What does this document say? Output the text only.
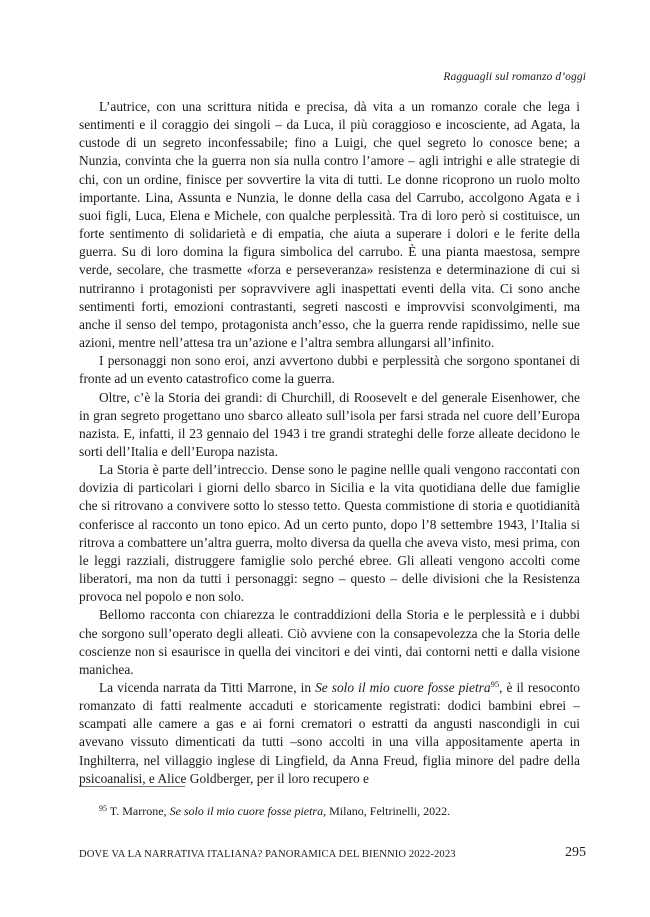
Ragguagli sul romanzo d’oggi

L’autrice, con una scrittura nitida e precisa, dà vita a un romanzo corale che lega i sentimenti e il coraggio dei singoli – da Luca, il più coraggioso e incosciente, ad Agata, la custode di un segreto inconfessabile; fino a Luigi, che quel segreto lo conosce bene; a Nunzia, convinta che la guerra non sia nulla contro l’amore – agli intrighi e alle strategie di chi, con un ordine, finisce per sovvertire la vita di tutti. Le donne ricoprono un ruolo molto importante. Lina, Assunta e Nunzia, le donne della casa del Carrubo, accolgono Agata e i suoi figli, Luca, Elena e Michele, con qualche perplessità. Tra di loro però si costituisce, un forte sentimento di solidarietà e di empatia, che aiuta a superare i dolori e le ferite della guerra. Su di loro domina la figura simbolica del carrubo. È una pianta maestosa, sempre verde, secolare, che trasmette «forza e perseveranza» resistenza e determinazione di cui si nutriranno i protagonisti per sopravvivere agli inaspettati eventi della vita. Ci sono anche sentimenti forti, emozioni contrastanti, segreti nascosti e improvvisi sconvolgimenti, ma anche il senso del tempo, protagonista anch’esso, che la guerra rende rapidissimo, nelle sue azioni, mentre nell’attesa tra un’azione e l’altra sembra allungarsi all’infinito.

I personaggi non sono eroi, anzi avvertono dubbi e perplessità che sorgono spontanei di fronte ad un evento catastrofico come la guerra.

Oltre, c’è la Storia dei grandi: di Churchill, di Roosevelt e del generale Eisenhower, che in gran segreto progettano uno sbarco alleato sull’isola per farsi strada nel cuore dell’Europa nazista. E, infatti, il 23 gennaio del 1943 i tre grandi strateghi delle forze alleate decidono le sorti dell’Italia e dell’Europa nazista.

La Storia è parte dell’intreccio. Dense sono le pagine nellle quali vengono raccontati con dovizia di particolari i giorni dello sbarco in Sicilia e la vita quotidiana delle due famiglie che si ritrovano a convivere sotto lo stesso tetto. Questa commistione di storia e quotidianità conferisce al racconto un tono epico. Ad un certo punto, dopo l’8 settembre 1943, l’Italia si ritrova a combattere un’altra guerra, molto diversa da quella che aveva visto, mesi prima, con le leggi razziali, distruggere famiglie solo perché ebree. Gli alleati vengono accolti come liberatori, ma non da tutti i personaggi: segno – questo – delle divisioni che la Resistenza provoca nel popolo e non solo.

Bellomo racconta con chiarezza le contraddizioni della Storia e le perplessità e i dubbi che sorgono sull’operato degli alleati. Ciò avviene con la consapevolezza che la Storia delle coscienze non si esaurisce in quella dei vincitori e dei vinti, dai contorni netti e dalla visione manichea.

La vicenda narrata da Titti Marrone, in Se solo il mio cuore fosse pietra$^{95}$, è il resoconto romanzato di fatti realmente accaduti e storicamente registrati: dodici bambini ebrei – scampati alle camere a gas e ai forni crematori o estratti da angusti nascondigli in cui avevano vissuto dimenticati da tutti –sono accolti in una villa appositamente aperta in Inghilterra, nel villaggio inglese di Lingfield, da Anna Freud, figlia minore del padre della psicoanalisi, e Alice Goldberger, per il loro recupero e

$^{95}$ T. Marrone, Se solo il mio cuore fosse pietra, Milano, Feltrinelli, 2022.
DOVE VA LA NARRATIVA ITALIANA? PANORAMICA DEL BIENNIO 2022-2023	295
